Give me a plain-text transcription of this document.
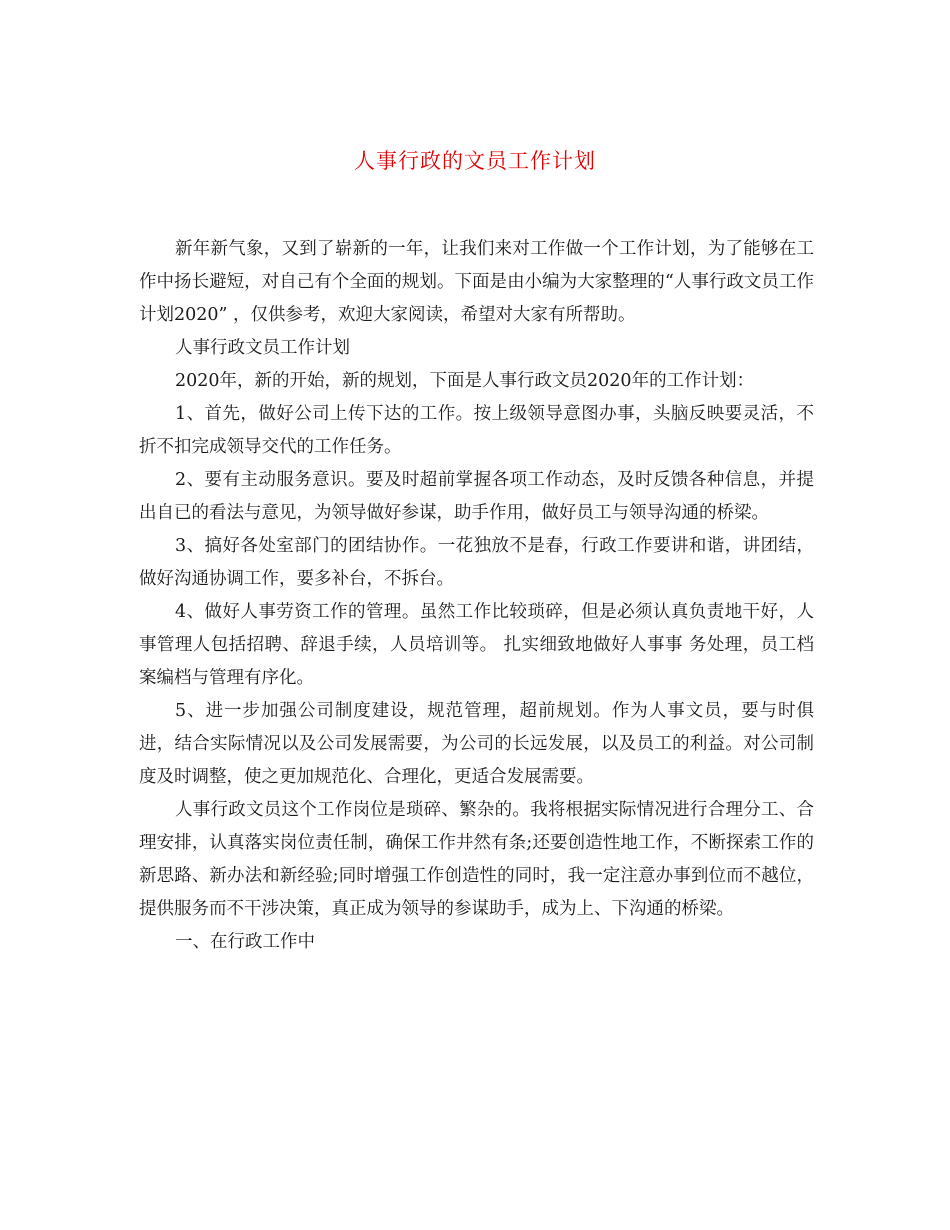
人事行政的文员工作计划

新年新气象，又到了崭新的一年，让我们来对工作做一个工作计划，为了能够在工作中扬长避短，对自己有个全面的规划。下面是由小编为大家整理的“人事行政文员工作计划2020” ，仅供参考，欢迎大家阅读，希望对大家有所帮助。

人事行政文员工作计划

2020年，新的开始，新的规划，下面是人事行政文员2020年的工作计划：

1、首先，做好公司上传下达的工作。按上级领导意图办事，头脑反映要灵活，不折不扣完成领导交代的工作任务。

2、要有主动服务意识。要及时超前掌握各项工作动态，及时反馈各种信息，并提出自已的看法与意见，为领导做好参谋，助手作用，做好员工与领导沟通的桥梁。

3、搞好各处室部门的团结协作。一花独放不是春，行政工作要讲和谐，讲团结，做好沟通协调工作，要多补台，不拆台。

4、做好人事劳资工作的管理。虽然工作比较琐碎，但是必须认真负责地干好，人事管理人包括招聘、辞退手续，人员培训等。 扎实细致地做好人事事 务处理，员工档案编档与管理有序化。

5、进一步加强公司制度建设，规范管理，超前规划。作为人事文员，要与时俱进，结合实际情况以及公司发展需要，为公司的长远发展，以及员工的利益。对公司制度及时调整，使之更加规范化、合理化，更适合发展需要。

人事行政文员这个工作岗位是琐碎、繁杂的。我将根据实际情况进行合理分工、合理安排，认真落实岗位责任制，确保工作井然有条;还要创造性地工作，不断探索工作的新思路、新办法和新经验;同时增强工作创造性的同时，我一定注意办事到位而不越位，提供服务而不干涉决策，真正成为领导的参谋助手，成为上、下沟通的桥梁。

一、在行政工作中
